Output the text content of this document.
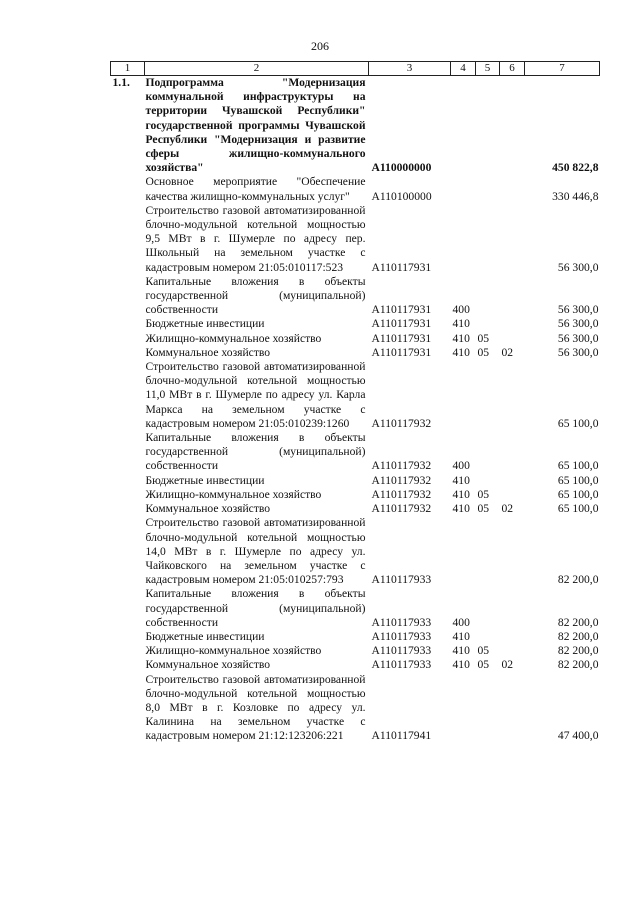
206
1	2	3	4	5	6	7
1.1.	Подпрограмма "Модернизация коммунальной инфраструктуры на территории Чувашской Республики" государственной программы Чувашской Республики "Модернизация и развитие сферы жилищно-коммунального хозяйства"	А110000000				450 822,8
	Основное мероприятие "Обеспечение качества жилищно-коммунальных услуг"	А110100000				330 446,8
	Строительство газовой автоматизированной блочно-модульной котельной мощностью 9,5 МВт в г. Шумерле по адресу пер. Школьный на земельном участке с кадастровым номером 21:05:010117:523	А110117931				56 300,0
	Капитальные вложения в объекты государственной (муниципальной) собственности	А110117931	400			56 300,0
	Бюджетные инвестиции	А110117931	410			56 300,0
	Жилищно-коммунальное хозяйство	А110117931	410	05		56 300,0
	Коммунальное хозяйство	А110117931	410	05	02	56 300,0
	Строительство газовой автоматизированной блочно-модульной котельной мощностью 11,0 МВт в г. Шумерле по адресу ул. Карла Маркса на земельном участке с кадастровым номером 21:05:010239:1260	А110117932				65 100,0
	Капитальные вложения в объекты государственной (муниципальной) собственности	А110117932	400			65 100,0
	Бюджетные инвестиции	А110117932	410			65 100,0
	Жилищно-коммунальное хозяйство	А110117932	410	05		65 100,0
	Коммунальное хозяйство	А110117932	410	05	02	65 100,0
	Строительство газовой автоматизированной блочно-модульной котельной мощностью 14,0 МВт в г. Шумерле по адресу ул. Чайковского на земельном участке с кадастровым номером 21:05:010257:793	А110117933				82 200,0
	Капитальные вложения в объекты государственной (муниципальной) собственности	А110117933	400			82 200,0
	Бюджетные инвестиции	А110117933	410			82 200,0
	Жилищно-коммунальное хозяйство	А110117933	410	05		82 200,0
	Коммунальное хозяйство	А110117933	410	05	02	82 200,0
	Строительство газовой автоматизированной блочно-модульной котельной мощностью 8,0 МВт в г. Козловке по адресу ул. Калинина на земельном участке с кадастровым номером 21:12:123206:221	А110117941				47 400,0
